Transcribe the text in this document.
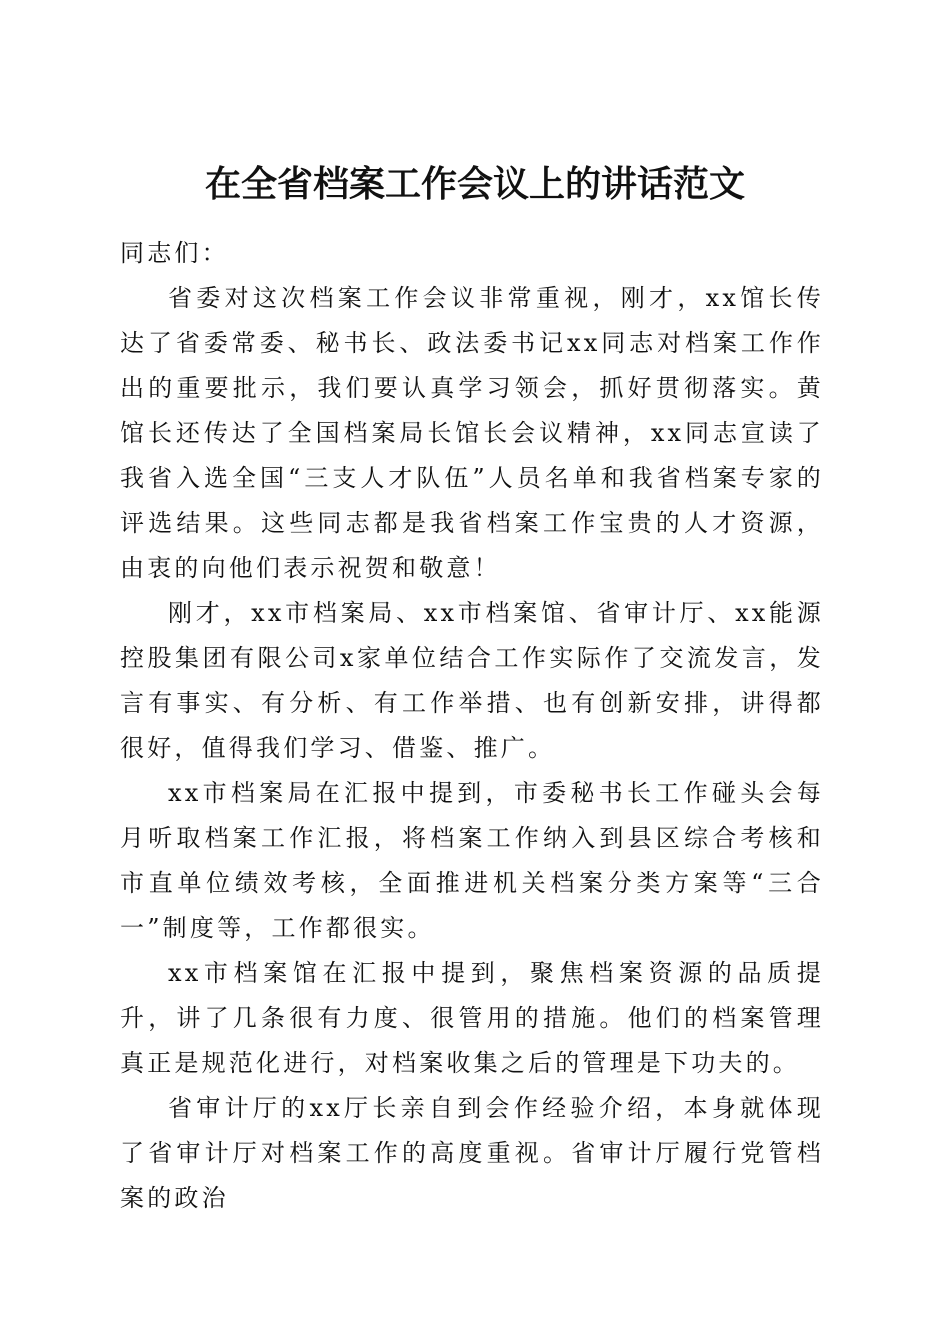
在全省档案工作会议上的讲话范文

同志们：

省委对这次档案工作会议非常重视，刚才，xx馆长传达了省委常委、秘书长、政法委书记xx同志对档案工作作出的重要批示，我们要认真学习领会，抓好贯彻落实。黄馆长还传达了全国档案局长馆长会议精神，xx同志宣读了我省入选全国“三支人才队伍”人员名单和我省档案专家的评选结果。这些同志都是我省档案工作宝贵的人才资源，由衷的向他们表示祝贺和敬意！

刚才，xx市档案局、xx市档案馆、省审计厅、xx能源控股集团有限公司x家单位结合工作实际作了交流发言，发言有事实、有分析、有工作举措、也有创新安排，讲得都很好，值得我们学习、借鉴、推广。

xx市档案局在汇报中提到，市委秘书长工作碰头会每月听取档案工作汇报，将档案工作纳入到县区综合考核和市直单位绩效考核，全面推进机关档案分类方案等“三合一”制度等，工作都很实。

xx市档案馆在汇报中提到，聚焦档案资源的品质提升，讲了几条很有力度、很管用的措施。他们的档案管理真正是规范化进行，对档案收集之后的管理是下功夫的。

省审计厅的xx厅长亲自到会作经验介绍，本身就体现了省审计厅对档案工作的高度重视。省审计厅履行党管档案的政治
